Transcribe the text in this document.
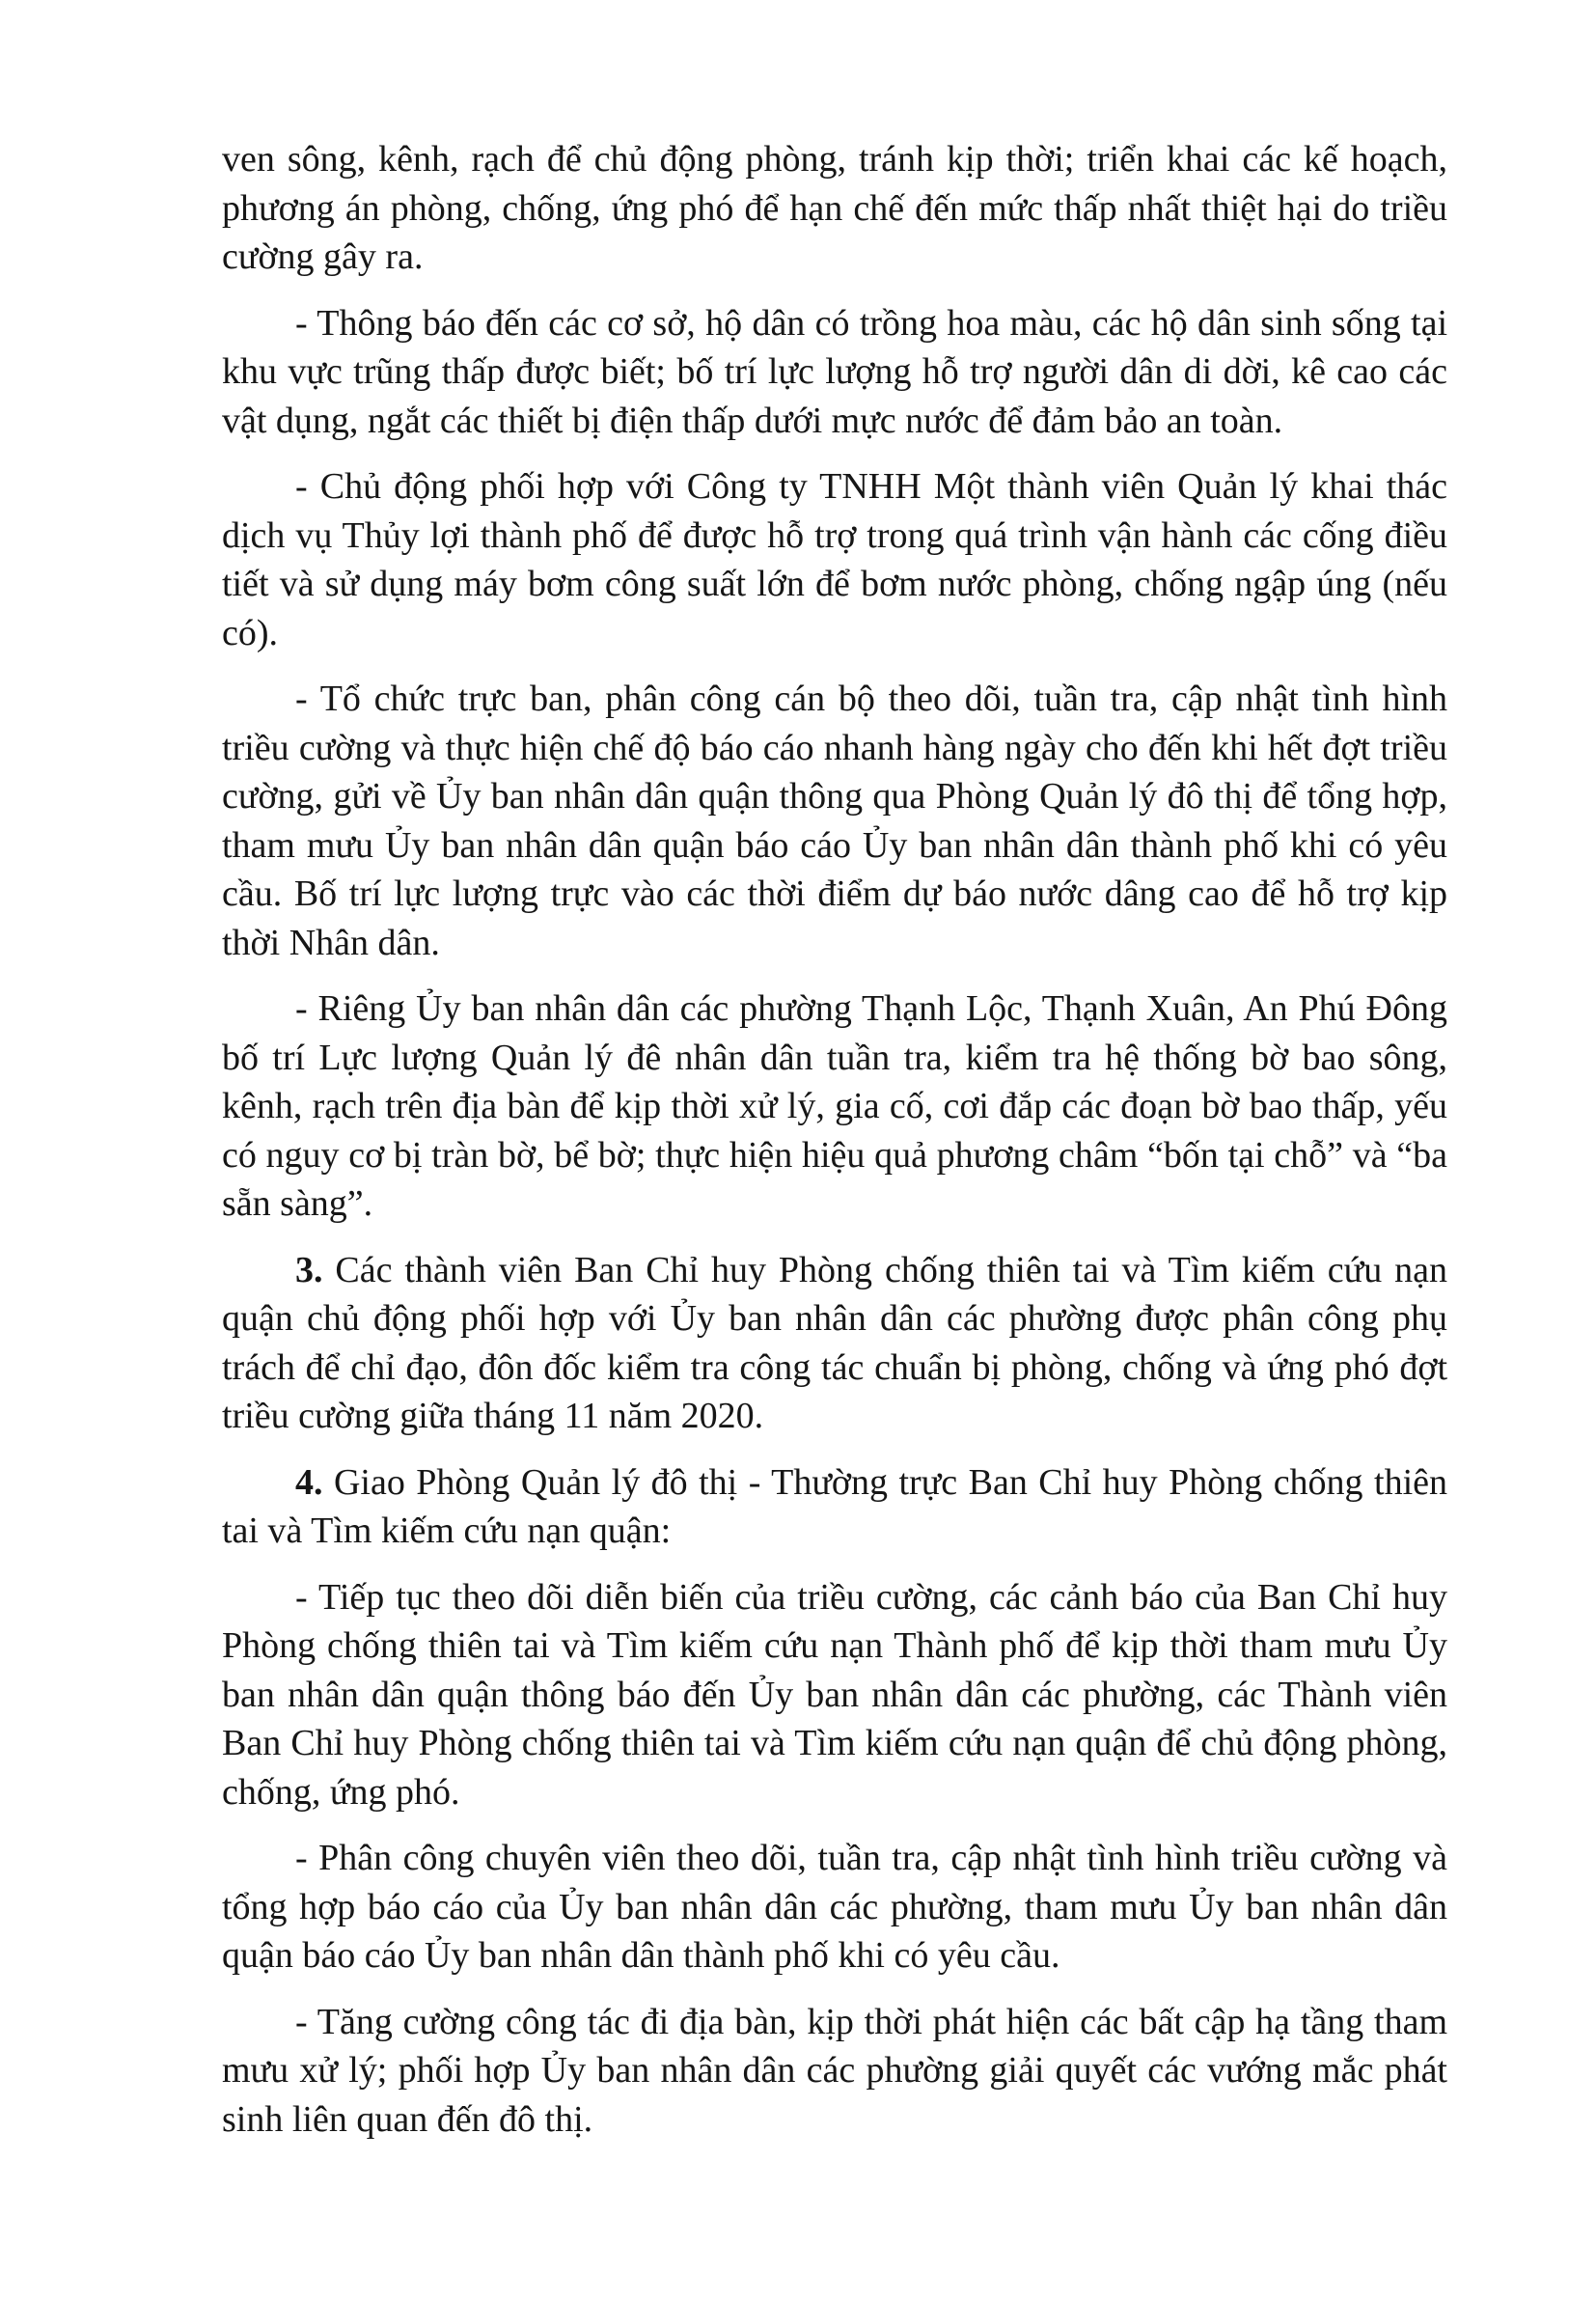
ven sông, kênh, rạch để chủ động phòng, tránh kịp thời; triển khai các kế hoạch, phương án phòng, chống, ứng phó để hạn chế đến mức thấp nhất thiệt hại do triều cường gây ra.

- Thông báo đến các cơ sở, hộ dân có trồng hoa màu, các hộ dân sinh sống tại khu vực trũng thấp được biết; bố trí lực lượng hỗ trợ người dân di dời, kê cao các vật dụng, ngắt các thiết bị điện thấp dưới mực nước để đảm bảo an toàn.

- Chủ động phối hợp với Công ty TNHH Một thành viên Quản lý khai thác dịch vụ Thủy lợi thành phố để được hỗ trợ trong quá trình vận hành các cống điều tiết và sử dụng máy bơm công suất lớn để bơm nước phòng, chống ngập úng (nếu có).

- Tổ chức trực ban, phân công cán bộ theo dõi, tuần tra, cập nhật tình hình triều cường và thực hiện chế độ báo cáo nhanh hàng ngày cho đến khi hết đợt triều cường, gửi về Ủy ban nhân dân quận thông qua Phòng Quản lý đô thị để tổng hợp, tham mưu Ủy ban nhân dân quận báo cáo Ủy ban nhân dân thành phố khi có yêu cầu. Bố trí lực lượng trực vào các thời điểm dự báo nước dâng cao để hỗ trợ kịp thời Nhân dân.

- Riêng Ủy ban nhân dân các phường Thạnh Lộc, Thạnh Xuân, An Phú Đông bố trí Lực lượng Quản lý đê nhân dân tuần tra, kiểm tra hệ thống bờ bao sông, kênh, rạch trên địa bàn để kịp thời xử lý, gia cố, cơi đắp các đoạn bờ bao thấp, yếu có nguy cơ bị tràn bờ, bể bờ; thực hiện hiệu quả phương châm “bốn tại chỗ” và “ba sẵn sàng”.

3. Các thành viên Ban Chỉ huy Phòng chống thiên tai và Tìm kiếm cứu nạn quận chủ động phối hợp với Ủy ban nhân dân các phường được phân công phụ trách để chỉ đạo, đôn đốc kiểm tra công tác chuẩn bị phòng, chống và ứng phó đợt triều cường giữa tháng 11 năm 2020.

4. Giao Phòng Quản lý đô thị - Thường trực Ban Chỉ huy Phòng chống thiên tai và Tìm kiếm cứu nạn quận:

- Tiếp tục theo dõi diễn biến của triều cường, các cảnh báo của Ban Chỉ huy Phòng chống thiên tai và Tìm kiếm cứu nạn Thành phố để kịp thời tham mưu Ủy ban nhân dân quận thông báo đến Ủy ban nhân dân các phường, các Thành viên Ban Chỉ huy Phòng chống thiên tai và Tìm kiếm cứu nạn quận để chủ động phòng, chống, ứng phó.

- Phân công chuyên viên theo dõi, tuần tra, cập nhật tình hình triều cường và tổng hợp báo cáo của Ủy ban nhân dân các phường, tham mưu Ủy ban nhân dân quận báo cáo Ủy ban nhân dân thành phố khi có yêu cầu.

- Tăng cường công tác đi địa bàn, kịp thời phát hiện các bất cập hạ tầng tham mưu xử lý; phối hợp Ủy ban nhân dân các phường giải quyết các vướng mắc phát sinh liên quan đến đô thị.
